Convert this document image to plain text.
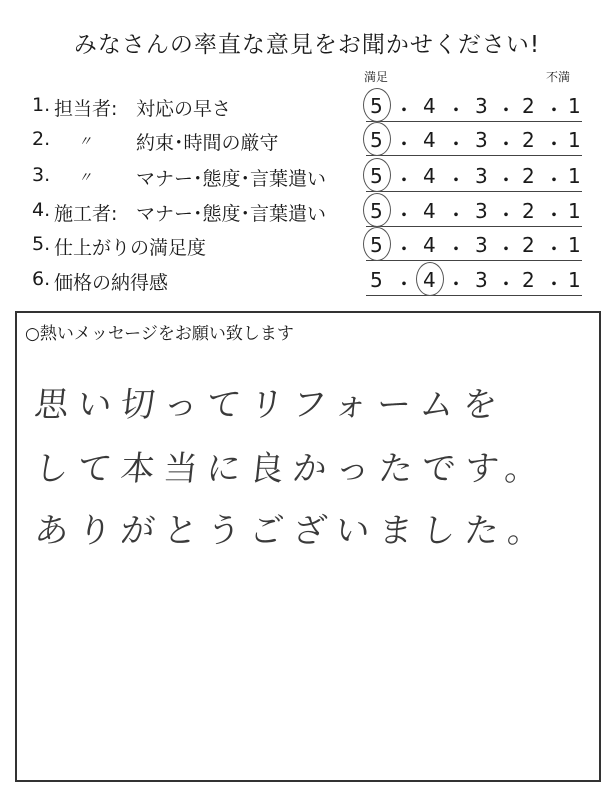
みなさんの率直な意見をお聞かせください!
満足	不満
1. 担当者: 対応の早さ	5 ･ 4 ･ 3 ･ 2 ･ 1
2. 〃 約束･時間の厳守	5 ･ 4 ･ 3 ･ 2 ･ 1
3. 〃 マナー･態度･言葉遣い 5 ･ 4 ･ 3 ･ 2 ･ 1
4. 施工者: マナー･態度･言葉遣い 5 ･ 4 ･ 3 ･ 2 ･ 1
5. 仕上がりの満足度	5 ･ 4 ･ 3 ･ 2 ･ 1
6. 価格の納得感	5 ･ 4 ･ 3 ･ 2 ･ 1
○熱いメッセージをお願い致します
思い切ってリフォームを
して本当に良かったです。
ありがとうございました。
